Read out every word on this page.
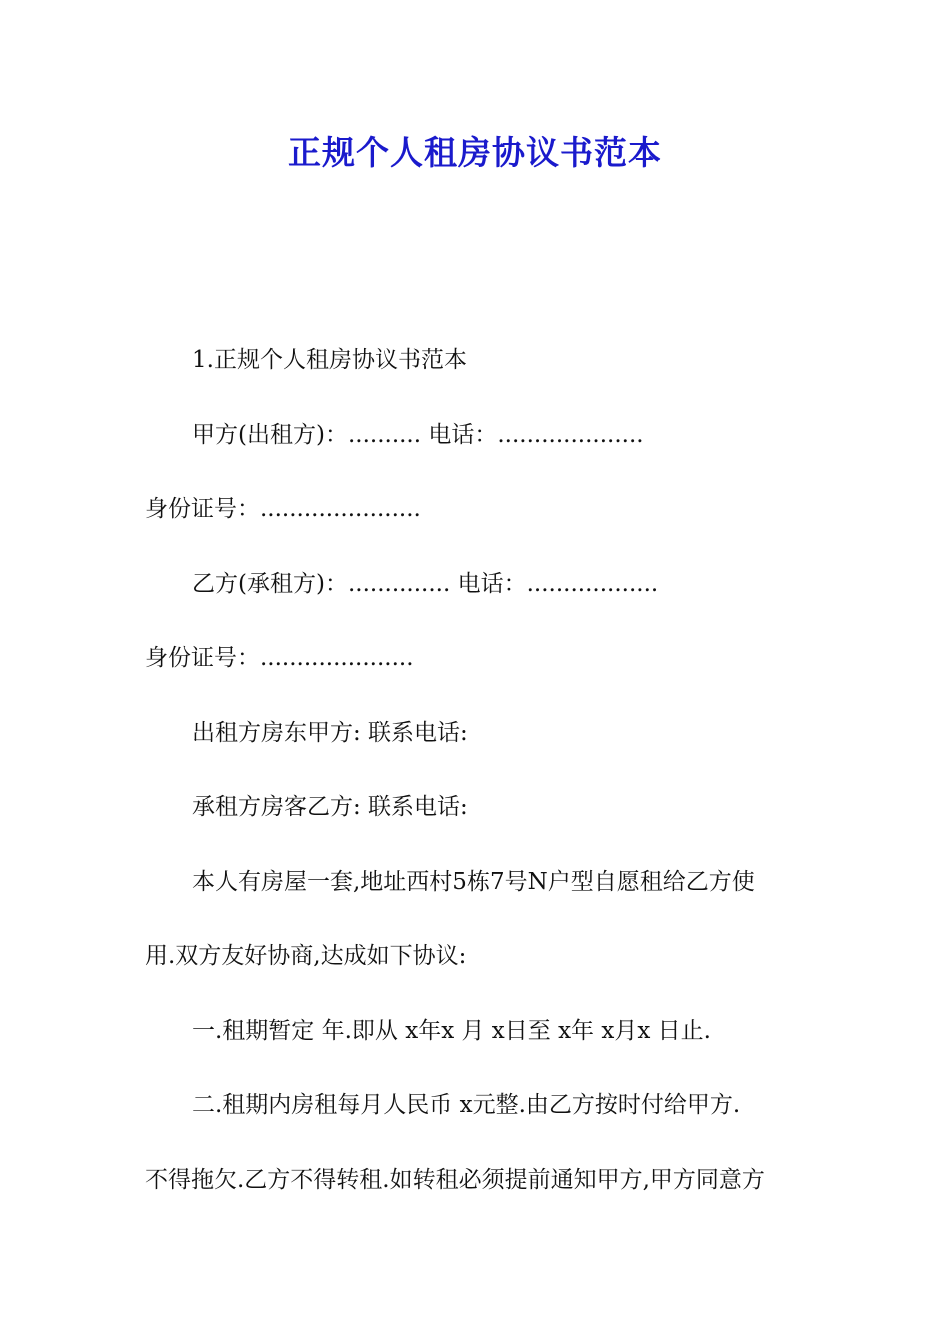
正规个人租房协议书范本

1.正规个人租房协议书范本

甲方(出租方)：.......... 电话：....................

身份证号：......................

乙方(承租方)：.............. 电话：..................

身份证号：.....................

出租方房东甲方: 联系电话:

承租方房客乙方: 联系电话:

本人有房屋一套,地址西村5栋7号N户型自愿租给乙方使

用.双方友好协商,达成如下协议:

一.租期暂定 年.即从 x年x 月 x日至 x年 x月x 日止.

二.租期内房租每月人民币 x元整.由乙方按时付给甲方.

不得拖欠.乙方不得转租.如转租必须提前通知甲方,甲方同意方
